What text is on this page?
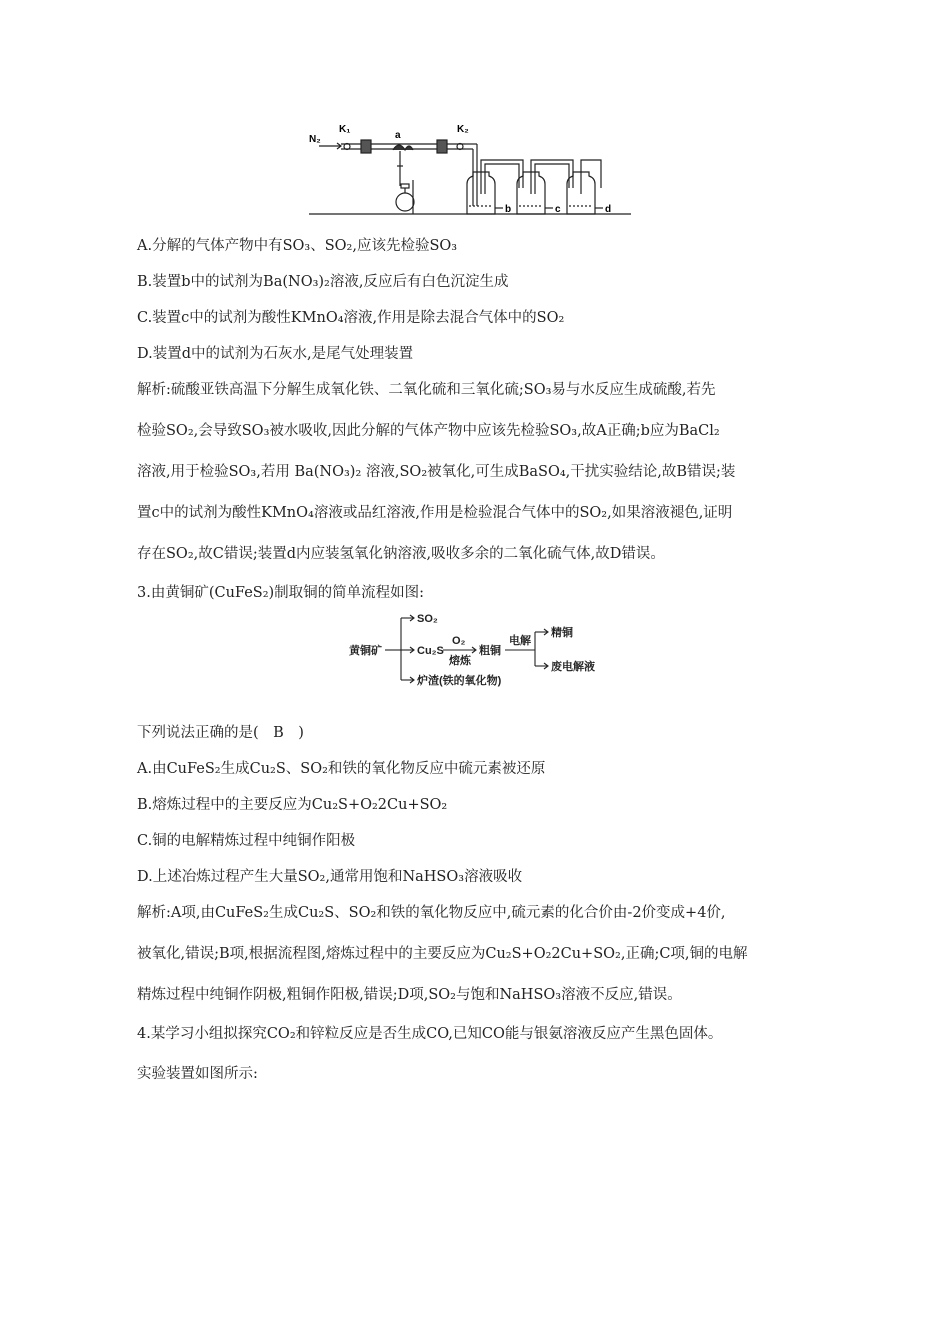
N₂
K₁
a
K₂
b	c	d
A.分解的气体产物中有SO₃、SO₂,应该先检验SO₃
B.装置b中的试剂为Ba(NO₃)₂溶液,反应后有白色沉淀生成
C.装置c中的试剂为酸性KMnO₄溶液,作用是除去混合气体中的SO₂
D.装置d中的试剂为石灰水,是尾气处理装置
解析:硫酸亚铁高温下分解生成氧化铁、二氧化硫和三氧化硫;SO₃易与水反应生成硫酸,若先
检验SO₂,会导致SO₃被水吸收,因此分解的气体产物中应该先检验SO₃,故A正确;b应为BaCl₂
溶液,用于检验SO₃,若用 Ba(NO₃)₂ 溶液,SO₂被氧化,可生成BaSO₄,干扰实验结论,故B错误;装
置c中的试剂为酸性KMnO₄溶液或品红溶液,作用是检验混合气体中的SO₂,如果溶液褪色,证明
存在SO₂,故C错误;装置d内应装氢氧化钠溶液,吸收多余的二氧化硫气体,故D错误。
3.由黄铜矿(CuFeS₂)制取铜的简单流程如图:
黄铜矿
SO₂
Cu₂S
O₂
熔炼
粗铜
电解
精铜
废电解液
炉渣(铁的氧化物)
下列说法正确的是(　B　)
A.由CuFeS₂生成Cu₂S、SO₂和铁的氧化物反应中硫元素被还原
B.熔炼过程中的主要反应为Cu₂S+O₂2Cu+SO₂
C.铜的电解精炼过程中纯铜作阳极
D.上述冶炼过程产生大量SO₂,通常用饱和NaHSO₃溶液吸收
解析:A项,由CuFeS₂生成Cu₂S、SO₂和铁的氧化物反应中,硫元素的化合价由-2价变成+4价,
被氧化,错误;B项,根据流程图,熔炼过程中的主要反应为Cu₂S+O₂2Cu+SO₂,正确;C项,铜的电解
精炼过程中纯铜作阴极,粗铜作阳极,错误;D项,SO₂与饱和NaHSO₃溶液不反应,错误。
4.某学习小组拟探究CO₂和锌粒反应是否生成CO,已知CO能与银氨溶液反应产生黑色固体。
实验装置如图所示:
